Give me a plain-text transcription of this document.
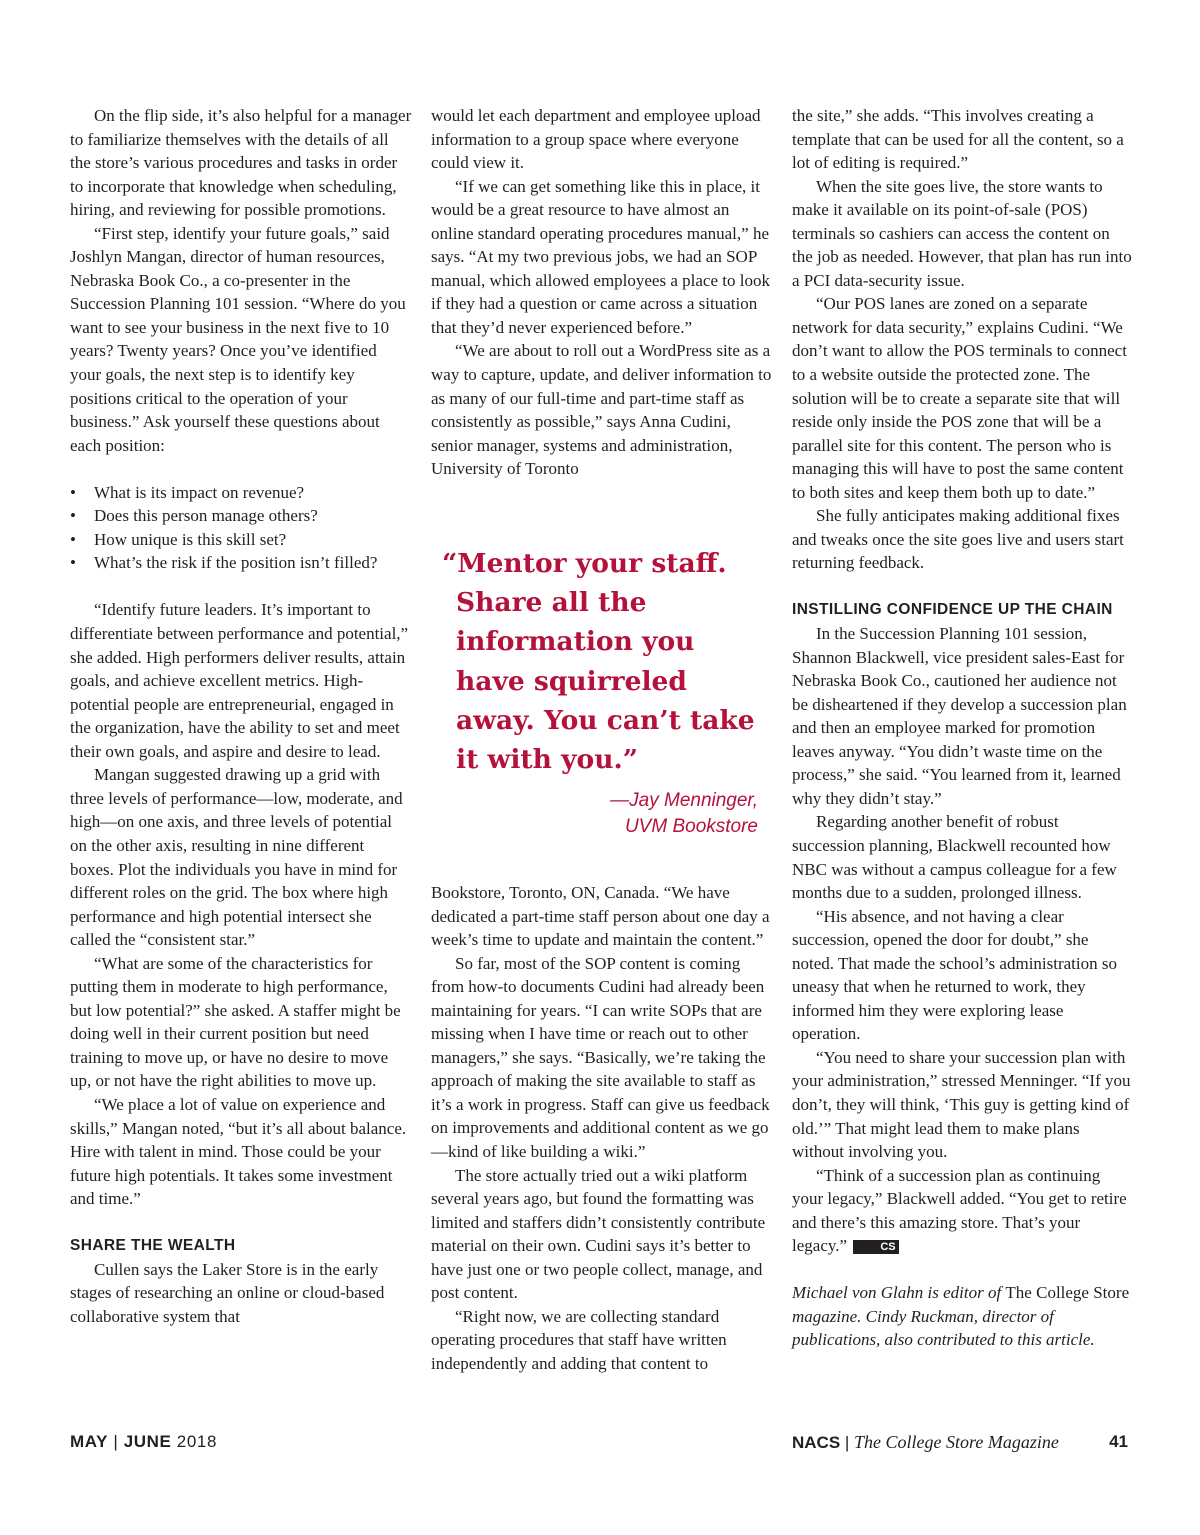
On the flip side, it’s also helpful for a manager to familiarize themselves with the details of all the store’s various procedures and tasks in order to incorporate that knowledge when scheduling, hiring, and reviewing for possible promotions.

“First step, identify your future goals,” said Joshlyn Mangan, director of human resources, Nebraska Book Co., a co-presenter in the Succession Planning 101 session. “Where do you want to see your business in the next five to 10 years? Twenty years? Once you’ve identified your goals, the next step is to identify key positions critical to the operation of your business.” Ask yourself these questions about each position:

• What is its impact on revenue?
• Does this person manage others?
• How unique is this skill set?
• What’s the risk if the position isn’t filled?

“Identify future leaders. It’s important to differentiate between performance and potential,” she added. High performers deliver results, attain goals, and achieve excellent metrics. High-potential people are entrepreneurial, engaged in the organization, have the ability to set and meet their own goals, and aspire and desire to lead.

Mangan suggested drawing up a grid with three levels of performance—low, moderate, and high—on one axis, and three levels of potential on the other axis, resulting in nine different boxes. Plot the individuals you have in mind for different roles on the grid. The box where high performance and high potential intersect she called the “consistent star.”

“What are some of the characteristics for putting them in moderate to high performance, but low potential?” she asked. A staffer might be doing well in their current position but need training to move up, or have no desire to move up, or not have the right abilities to move up.

“We place a lot of value on experience and skills,” Mangan noted, “but it’s all about balance. Hire with talent in mind. Those could be your future high potentials. It takes some investment and time.”

SHARE THE WEALTH

Cullen says the Laker Store is in the early stages of researching an online or cloud-based collaborative system that

would let each department and employee upload information to a group space where everyone could view it.

“If we can get something like this in place, it would be a great resource to have almost an online standard operating procedures manual,” he says. “At my two previous jobs, we had an SOP manual, which allowed employees a place to look if they had a question or came across a situation that they’d never experienced before.”

“We are about to roll out a WordPress site as a way to capture, update, and deliver information to as many of our full-time and part-time staff as consistently as possible,” says Anna Cudini, senior manager, systems and administration, University of Toronto

“Mentor your staff.
Share all the
information you
have squirreled
away. You can’t take
it with you.”
—Jay Menninger,
UVM Bookstore

Bookstore, Toronto, ON, Canada. “We have dedicated a part-time staff person about one day a week’s time to update and maintain the content.”

So far, most of the SOP content is coming from how-to documents Cudini had already been maintaining for years. “I can write SOPs that are missing when I have time or reach out to other managers,” she says. “Basically, we’re taking the approach of making the site available to staff as it’s a work in progress. Staff can give us feedback on improvements and additional content as we go—kind of like building a wiki.”

The store actually tried out a wiki platform several years ago, but found the formatting was limited and staffers didn’t consistently contribute material on their own. Cudini says it’s better to have just one or two people collect, manage, and post content.

“Right now, we are collecting standard operating procedures that staff have written independently and adding that content to

the site,” she adds. “This involves creating a template that can be used for all the content, so a lot of editing is required.”

When the site goes live, the store wants to make it available on its point-of-sale (POS) terminals so cashiers can access the content on the job as needed. However, that plan has run into a PCI data-security issue.

“Our POS lanes are zoned on a separate network for data security,” explains Cudini. “We don’t want to allow the POS terminals to connect to a website outside the protected zone. The solution will be to create a separate site that will reside only inside the POS zone that will be a parallel site for this content. The person who is managing this will have to post the same content to both sites and keep them both up to date.”

She fully anticipates making additional fixes and tweaks once the site goes live and users start returning feedback.

INSTILLING CONFIDENCE UP THE CHAIN

In the Succession Planning 101 session, Shannon Blackwell, vice president sales-East for Nebraska Book Co., cautioned her audience not be disheartened if they develop a succession plan and then an employee marked for promotion leaves anyway. “You didn’t waste time on the process,” she said. “You learned from it, learned why they didn’t stay.”

Regarding another benefit of robust succession planning, Blackwell recounted how NBC was without a campus colleague for a few months due to a sudden, prolonged illness.

“His absence, and not having a clear succession, opened the door for doubt,” she noted. That made the school’s administration so uneasy that when he returned to work, they informed him they were exploring lease operation.

“You need to share your succession plan with your administration,” stressed Menninger. “If you don’t, they will think, ‘This guy is getting kind of old.’” That might lead them to make plans without involving you.

“Think of a succession plan as continuing your legacy,” Blackwell added. “You get to retire and there’s this amazing store. That’s your legacy.”	CS

Michael von Glahn is editor of The College Store magazine. Cindy Ruckman, director of publications, also contributed to this article.

MAY | JUNE 2018	NACS | The College Store Magazine	41
